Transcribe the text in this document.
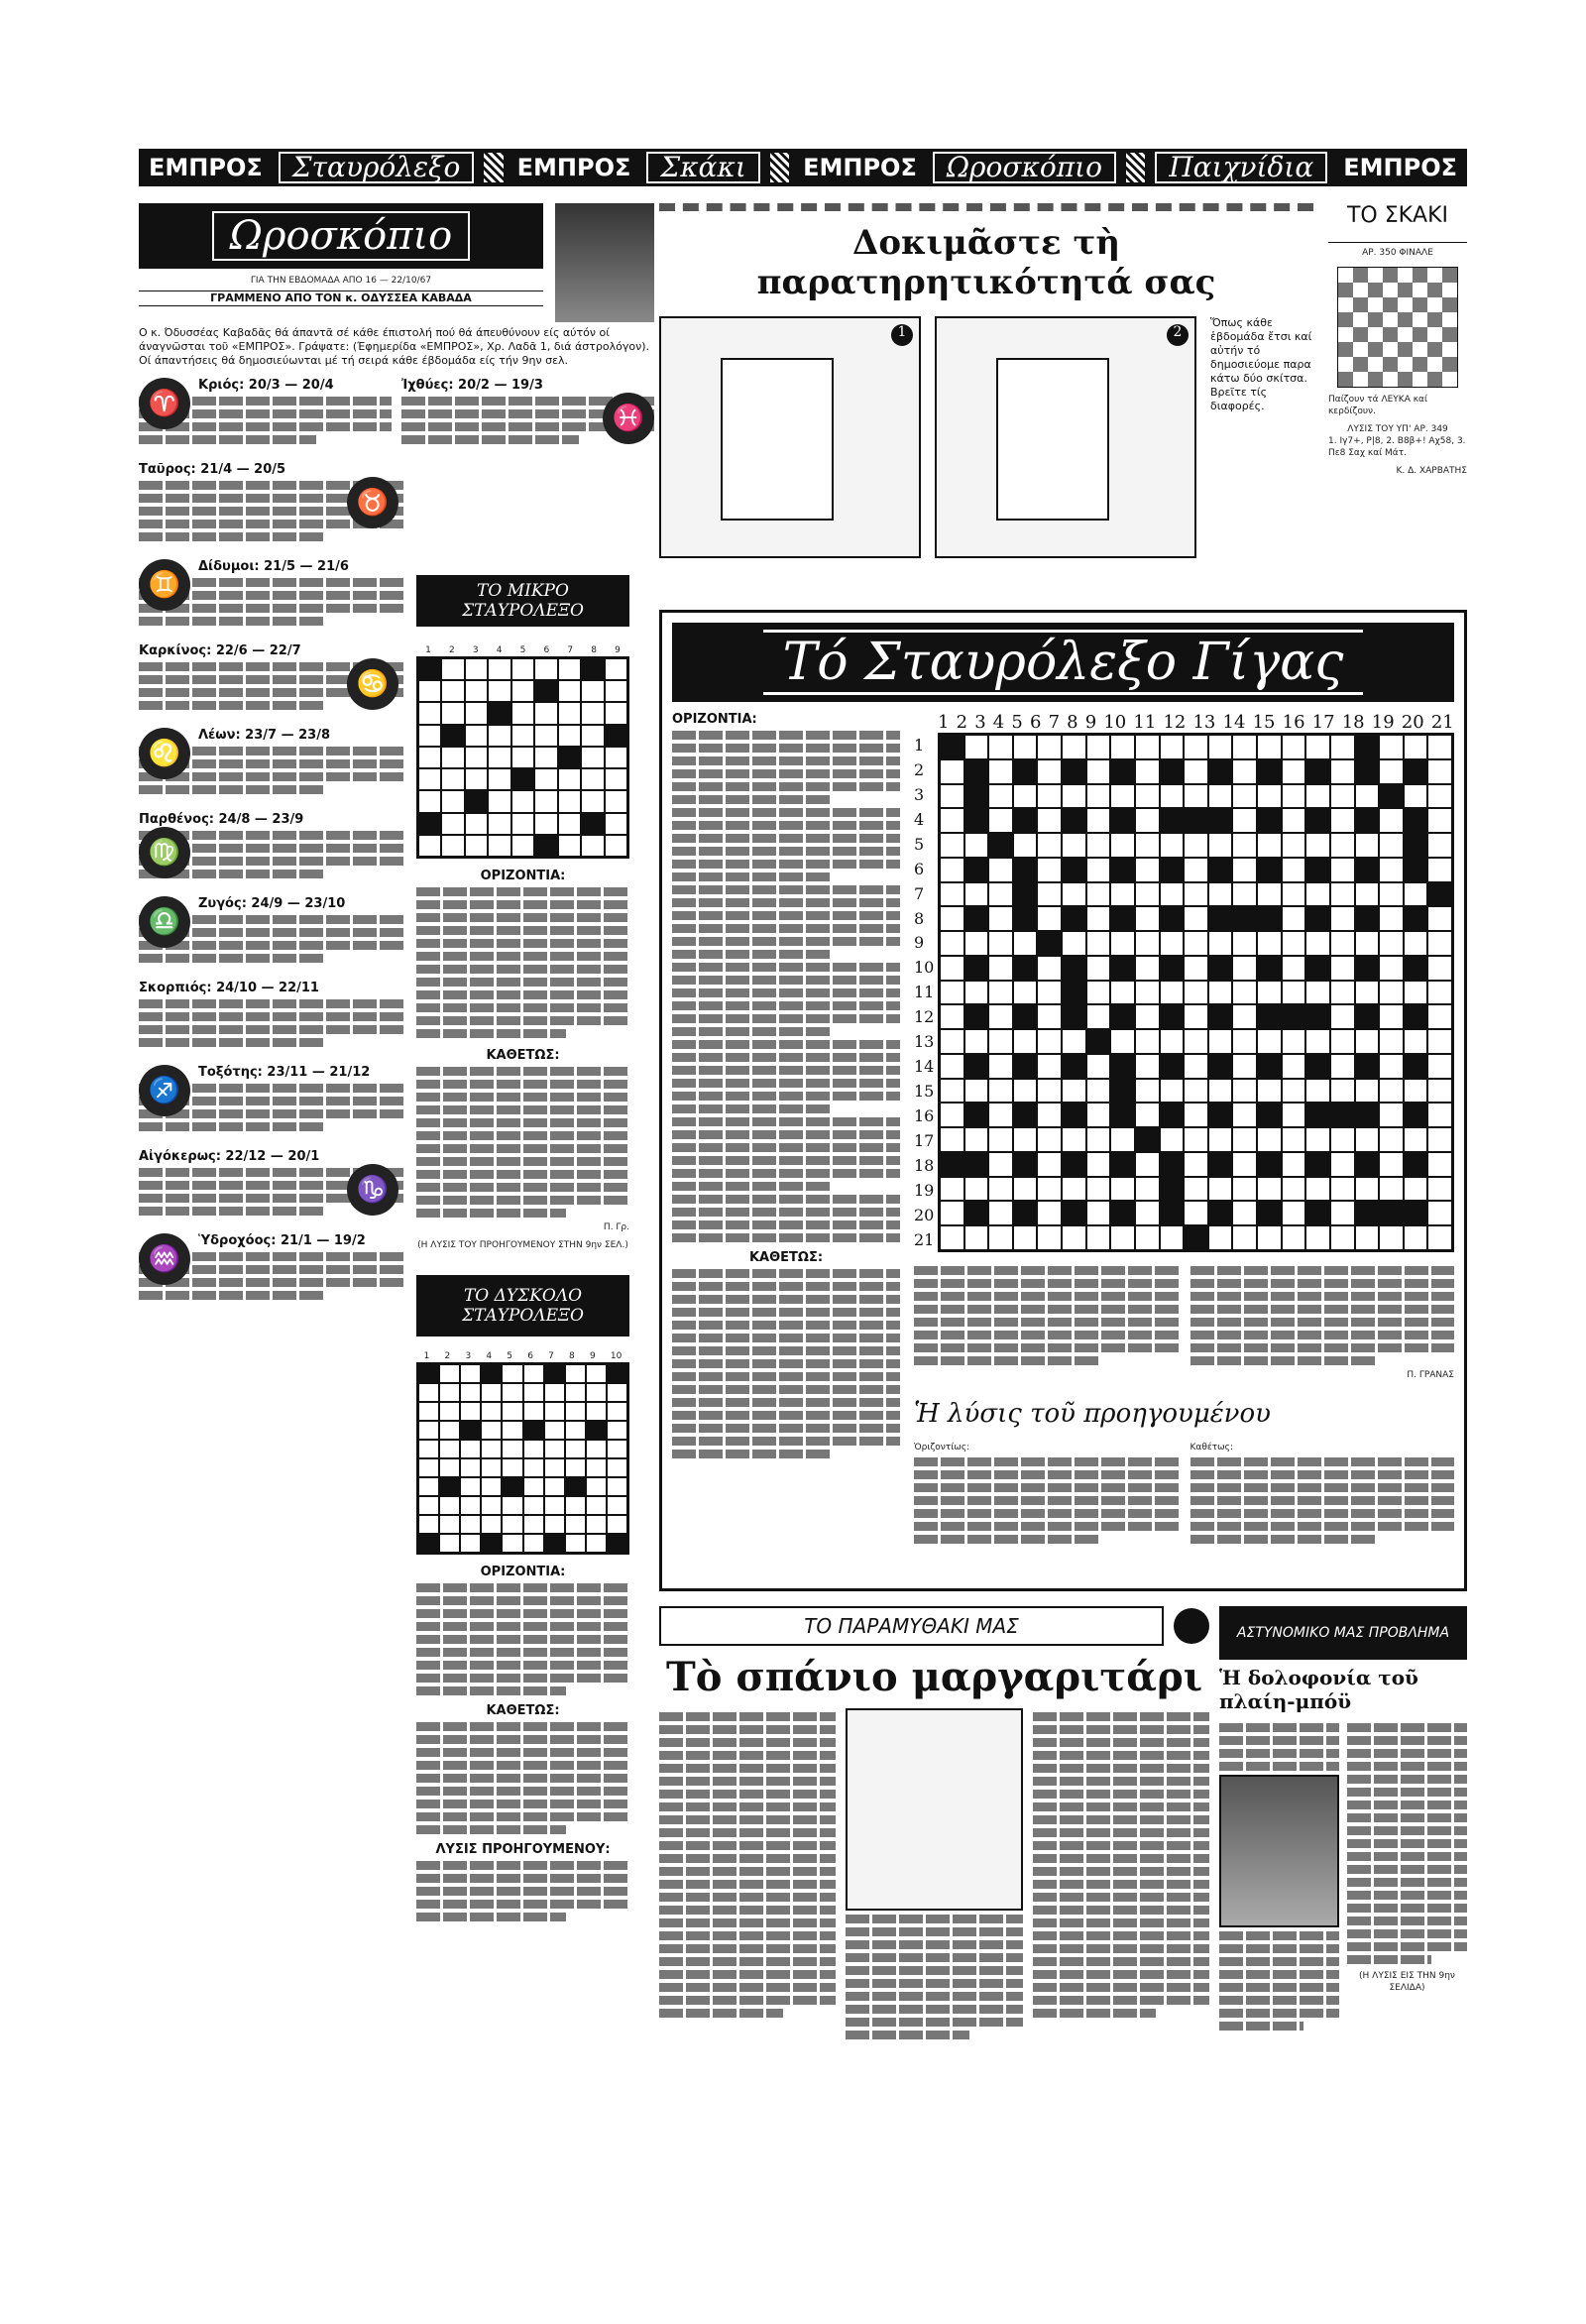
ΕΜΠΡΟΣ	Σταυρόλεξο	ΕΜΠΡΟΣ	Σκάκι	ΕΜΠΡΟΣ	Ωροσκόπιο	Παιχνίδια	ΕΜΠΡΟΣ
Ωροσκόπιο
ΓΙΑ ΤΗΝ ΕΒΔΟΜΑΔΑ ΑΠΟ 16 — 22/10/67
ΓΡΑΜΜΕΝΟ ΑΠΟ ΤΟΝ κ. ΟΔΥΣΣΕΑ ΚΑΒΑΔΑ
Ο κ. Όδυσσέας Καβαδᾶς θά άπαντᾶ σέ κάθε έπιστολή πού θά άπευθύνουν είς αύτόν οί άναγνῶσται τοῦ «ΕΜΠΡΟΣ». Γράψατε: (Έφημερίδα «ΕΜΠΡΟΣ», Χρ. Λαδᾶ 1, διά άστρολόγον). Οί άπαντήσεις θά δημοσιεύωνται μέ τή σειρά κάθε έβδομάδα είς τήν 9ην σελ.
♈
Κριός: 20/3 — 20/4	Ἰχθύες: 20/2 — 19/3
♓
Ταῦρος: 21/4 — 20/5
♉
♊
Δίδυμοι: 21/5 — 21/6
Καρκίνος: 22/6 — 22/7
♋
♌
Λέων: 23/7 — 23/8
Παρθένος: 24/8 — 23/9
♍
♎
Ζυγός: 24/9 — 23/10
Σκορπιός: 24/10 — 22/11
♐
Τοξότης: 23/11 — 21/12
Αἰγόκερως: 22/12 — 20/1
♑
♒
Ὑδροχόος: 21/1 — 19/2
ΤΟ ΜΙΚΡΟ ΣΤΑΥΡΟΛΕΞΟ
1 2 3 4 5 6 7 8 9
ΟΡΙΖΟΝΤΙΑ:
ΚΑΘΕΤΩΣ:
Π. Γρ.
(Η ΛΥΣΙΣ ΤΟΥ ΠΡΟΗΓΟΥΜΕΝΟΥ ΣΤΗΝ 9ην ΣΕΛ.)
ΤΟ ΔΥΣΚΟΛΟ ΣΤΑΥΡΟΛΕΞΟ
1 2 3 4 5 6 7 8 9 10
ΟΡΙΖΟΝΤΙΑ:
ΚΑΘΕΤΩΣ:
ΛΥΣΙΣ ΠΡΟΗΓΟΥΜΕΝΟΥ:
Δοκιμᾶστε τὴ παρατηρητικότητά σας
1	2
Ὅπως κάθε ἑβδομάδα ἔτσι καί αὐτήν τό δημοσιεύομε παρα κάτω δύο σκίτσα. Βρεῖτε τίς διαφορές.
ΤΟ ΣΚΑΚΙ
ΑΡ. 350 ΦΙΝΑΛΕ
Παίζουν τά ΛΕΥΚΑ καί κερδίζουν.
ΛΥΣΙΣ ΤΟΥ ΥΠ' ΑΡ. 349
1. Ιγ7+, Ρ|8, 2. Β8β+! Αχ58, 3. Πε8 Σαχ καί Μάτ.
Κ. Δ. ΧΑΡΒΑΤΗΣ
Τό Σταυρόλεξο Γίγας
ΟΡΙΖΟΝΤΙΑ:
ΚΑΘΕΤΩΣ:
1 2 3 4 5 6 7 8 9 10 11 12 13 14 15 16 17 18 19 20 21
1
2
3
4
5
6
7
8
9
10
11
12
13
14
15
16
17
18
19
20
21
Π. ΓΡΑΝΑΣ
Ἡ λύσις τοῦ προηγουμένου
Ὁριζοντίως:	Καθέτως:
ΤΟ ΠΑΡΑΜΥΘΑΚΙ ΜΑΣ
Τὸ σπάνιο μαργαριτάρι
ΑΣΤΥΝΟΜΙΚΟ ΜΑΣ ΠΡΟΒΛΗΜΑ
Ἡ δολοφονία τοῦ πλαίη-μπόϋ
(Η ΛΥΣΙΣ ΕΙΣ ΤΗΝ 9ην ΣΕΛΙΔΑ)
